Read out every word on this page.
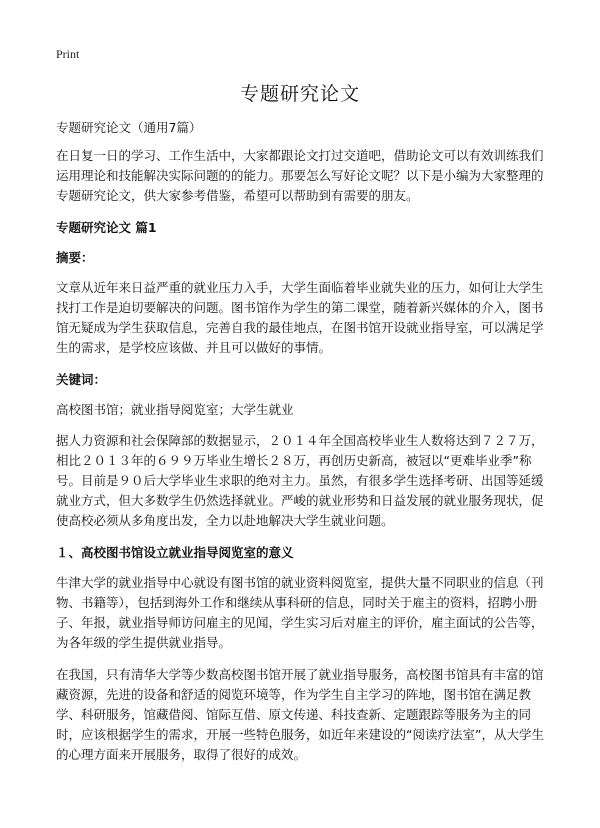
Print
专题研究论文

专题研究论文（通用7篇）

在日复一日的学习、工作生活中，大家都跟论文打过交道吧，借助论文可以有效训练我们运用理论和技能解决实际问题的的能力。那要怎么写好论文呢？以下是小编为大家整理的专题研究论文，供大家参考借鉴，希望可以帮助到有需要的朋友。

专题研究论文 篇1

摘要：

文章从近年来日益严重的就业压力入手，大学生面临着毕业就失业的压力，如何让大学生找打工作是迫切要解决的问题。图书馆作为学生的第二课堂，随着新兴媒体的介入，图书馆无疑成为学生获取信息，完善自我的最佳地点，在图书馆开设就业指导室，可以满足学生的需求，是学校应该做、并且可以做好的事情。

关键词：

高校图书馆；就业指导阅览室；大学生就业

据人力资源和社会保障部的数据显示，２０１４年全国高校毕业生人数将达到７２７万，相比２０１３年的６９９万毕业生增长２８万，再创历史新高，被冠以“更难毕业季”称号。目前是９０后大学毕业生求职的绝对主力。虽然，有很多学生选择考研、出国等延缓就业方式，但大多数学生仍然选择就业。严峻的就业形势和日益发展的就业服务现状，促使高校必须从多角度出发，全力以赴地解决大学生就业问题。

１、高校图书馆设立就业指导阅览室的意义

牛津大学的就业指导中心就设有图书馆的就业资料阅览室，提供大量不同职业的信息（刊物、书籍等），包括到海外工作和继续从事科研的信息，同时关于雇主的资料，招聘小册子、年报，就业指导师访问雇主的见闻，学生实习后对雇主的评价，雇主面试的公告等，为各年级的学生提供就业指导。

在我国，只有清华大学等少数高校图书馆开展了就业指导服务，高校图书馆具有丰富的馆藏资源，先进的设备和舒适的阅览环境等，作为学生自主学习的阵地，图书馆在满足教学、科研服务，馆藏借阅、馆际互借、原文传递、科技查新、定题跟踪等服务为主的同时，应该根据学生的需求，开展一些特色服务，如近年来建设的“阅读疗法室”，从大学生的心理方面来开展服务，取得了很好的成效。
